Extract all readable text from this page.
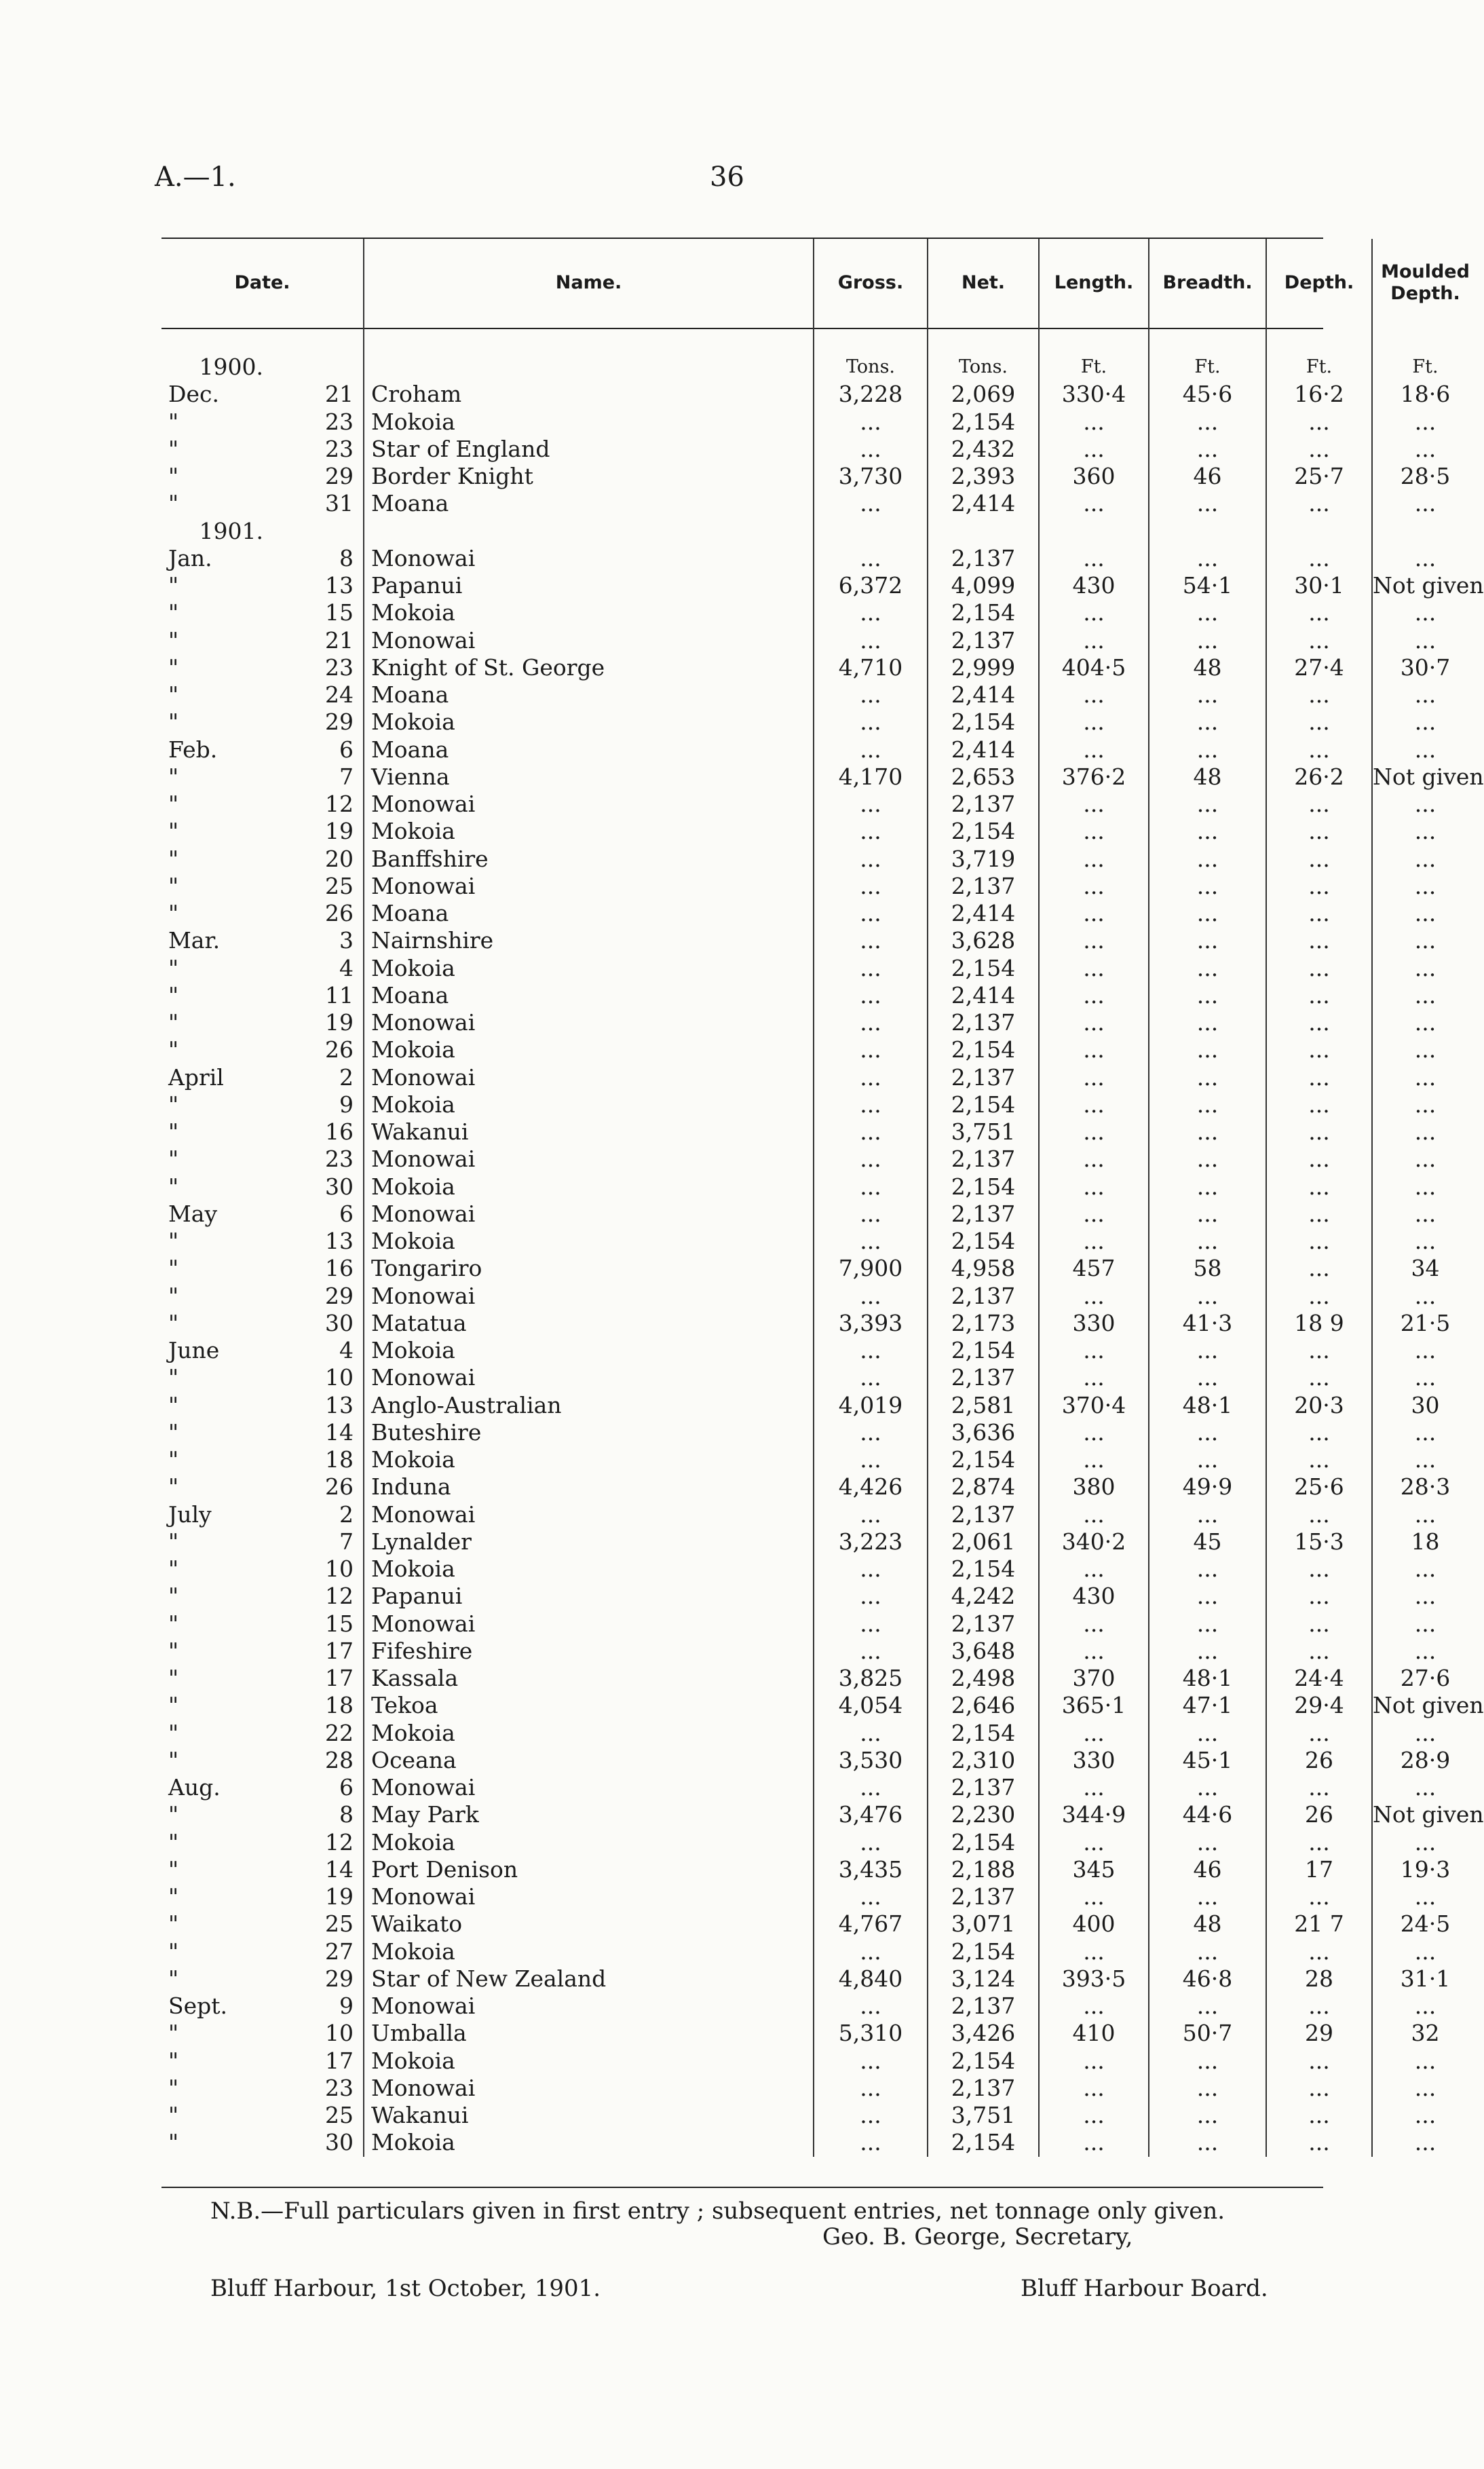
A.—1.	36
Date.		Name.	Gross.	Net.	Length.	Breadth.	Depth.	Moulded Depth.

1900.			Tons.	Tons.	Ft.	Ft.	Ft.	Ft.
Dec.	21	Croham	3,228	2,069	330·4	45·6	16·2	18·6
"	23	Mokoia	...	2,154	...	...	...	...
"	23	Star of England	...	2,432	...	...	...	...
"	29	Border Knight	3,730	2,393	360	46	25·7	28·5
"	31	Moana	...	2,414	...	...	...	...
1901.								
Jan.	8	Monowai	...	2,137	...	...	...	...
"	13	Papanui	6,372	4,099	430	54·1	30·1	Not given
"	15	Mokoia	...	2,154	...	...	...	...
"	21	Monowai	...	2,137	...	...	...	...
"	23	Knight of St. George	4,710	2,999	404·5	48	27·4	30·7
"	24	Moana	...	2,414	...	...	...	...
"	29	Mokoia	...	2,154	...	...	...	...
Feb.	6	Moana	...	2,414	...	...	...	...
"	7	Vienna	4,170	2,653	376·2	48	26·2	Not given
"	12	Monowai	...	2,137	...	...	...	...
"	19	Mokoia	...	2,154	...	...	...	...
"	20	Banffshire	...	3,719	...	...	...	...
"	25	Monowai	...	2,137	...	...	...	...
"	26	Moana	...	2,414	...	...	...	...
Mar.	3	Nairnshire	...	3,628	...	...	...	...
"	4	Mokoia	...	2,154	...	...	...	...
"	11	Moana	...	2,414	...	...	...	...
"	19	Monowai	...	2,137	...	...	...	...
"	26	Mokoia	...	2,154	...	...	...	...
April	2	Monowai	...	2,137	...	...	...	...
"	9	Mokoia	...	2,154	...	...	...	...
"	16	Wakanui	...	3,751	...	...	...	...
"	23	Monowai	...	2,137	...	...	...	...
"	30	Mokoia	...	2,154	...	...	...	...
May	6	Monowai	...	2,137	...	...	...	...
"	13	Mokoia	...	2,154	...	...	...	...
"	16	Tongariro	7,900	4,958	457	58	...	34
"	29	Monowai	...	2,137	...	...	...	...
"	30	Matatua	3,393	2,173	330	41·3	18 9	21·5
June	4	Mokoia	...	2,154	...	...	...	...
"	10	Monowai	...	2,137	...	...	...	...
"	13	Anglo-Australian	4,019	2,581	370·4	48·1	20·3	30
"	14	Buteshire	...	3,636	...	...	...	...
"	18	Mokoia	...	2,154	...	...	...	...
"	26	Induna	4,426	2,874	380	49·9	25·6	28·3
July	2	Monowai	...	2,137	...	...	...	...
"	7	Lynalder	3,223	2,061	340·2	45	15·3	18
"	10	Mokoia	...	2,154	...	...	...	...
"	12	Papanui	...	4,242	430	...	...	...
"	15	Monowai	...	2,137	...	...	...	...
"	17	Fifeshire	...	3,648	...	...	...	...
"	17	Kassala	3,825	2,498	370	48·1	24·4	27·6
"	18	Tekoa	4,054	2,646	365·1	47·1	29·4	Not given
"	22	Mokoia	...	2,154	...	...	...	...
"	28	Oceana	3,530	2,310	330	45·1	26	28·9
Aug.	6	Monowai	...	2,137	...	...	...	...
"	8	May Park	3,476	2,230	344·9	44·6	26	Not given
"	12	Mokoia	...	2,154	...	...	...	...
"	14	Port Denison	3,435	2,188	345	46	17	19·3
"	19	Monowai	...	2,137	...	...	...	...
"	25	Waikato	4,767	3,071	400	48	21 7	24·5
"	27	Mokoia	...	2,154	...	...	...	...
"	29	Star of New Zealand	4,840	3,124	393·5	46·8	28	31·1
Sept.	9	Monowai	...	2,137	...	...	...	...
"	10	Umballa	5,310	3,426	410	50·7	29	32
"	17	Mokoia	...	2,154	...	...	...	...
"	23	Monowai	...	2,137	...	...	...	...
"	25	Wakanui	...	3,751	...	...	...	...
"	30	Mokoia	...	2,154	...	...	...	...
N.B.—Full particulars given in first entry ; subsequent entries, net tonnage only given.
Geo. B. George, Secretary,
Bluff Harbour, 1st October, 1901.	Bluff Harbour Board.
